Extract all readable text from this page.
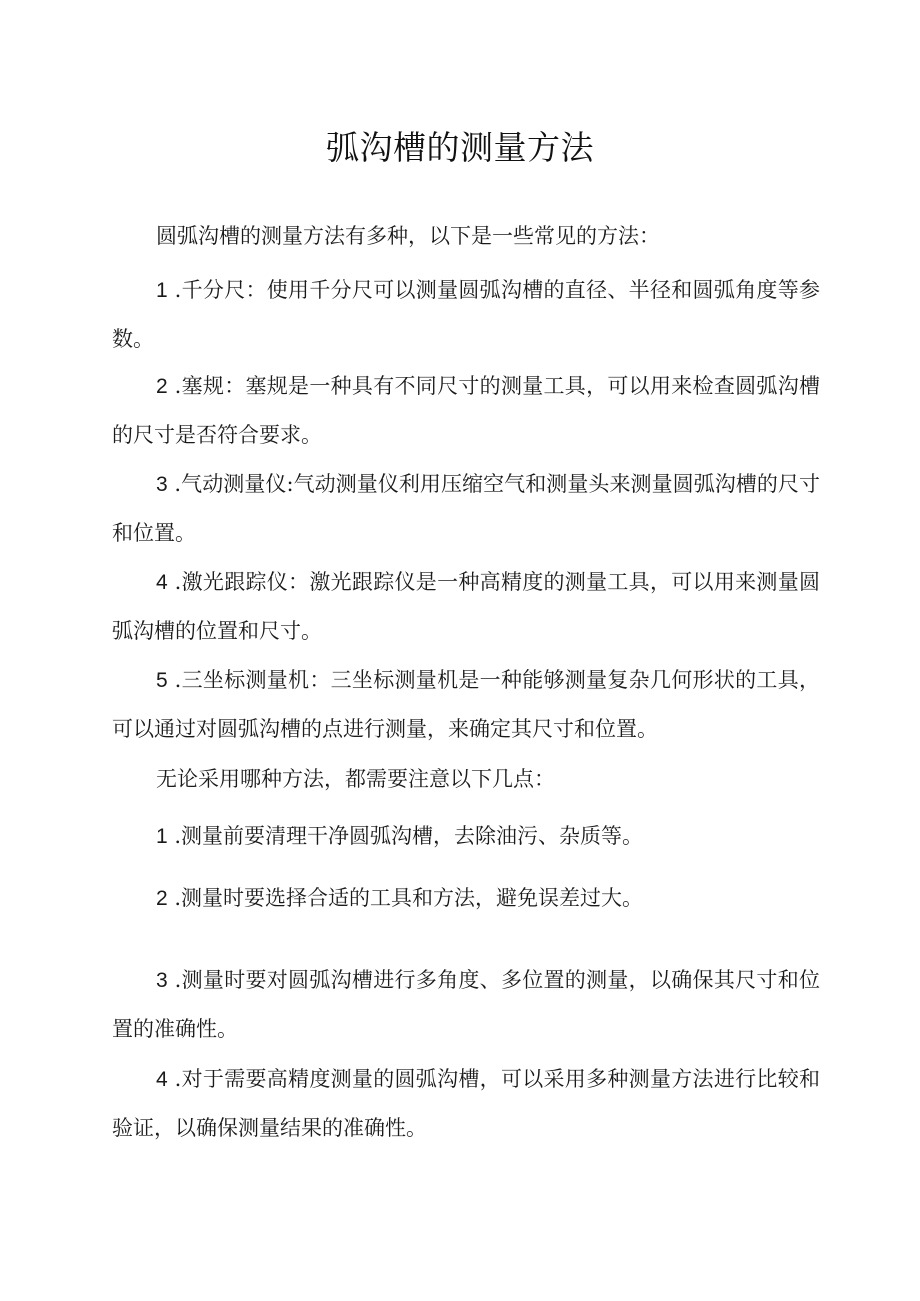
弧沟槽的测量方法

圆弧沟槽的测量方法有多种，以下是一些常见的方法：

1 .千分尺：使用千分尺可以测量圆弧沟槽的直径、半径和圆弧角度等参数。

2 .塞规：塞规是一种具有不同尺寸的测量工具，可以用来检查圆弧沟槽的尺寸是否符合要求。

3 .气动测量仪:气动测量仪利用压缩空气和测量头来测量圆弧沟槽的尺寸和位置。

4 .激光跟踪仪：激光跟踪仪是一种高精度的测量工具，可以用来测量圆弧沟槽的位置和尺寸。

5 .三坐标测量机：三坐标测量机是一种能够测量复杂几何形状的工具，可以通过对圆弧沟槽的点进行测量，来确定其尺寸和位置。

无论采用哪种方法，都需要注意以下几点：

1 .测量前要清理干净圆弧沟槽，去除油污、杂质等。

2 .测量时要选择合适的工具和方法，避免误差过大。

3 .测量时要对圆弧沟槽进行多角度、多位置的测量，以确保其尺寸和位置的准确性。

4 .对于需要高精度测量的圆弧沟槽，可以采用多种测量方法进行比较和验证，以确保测量结果的准确性。
